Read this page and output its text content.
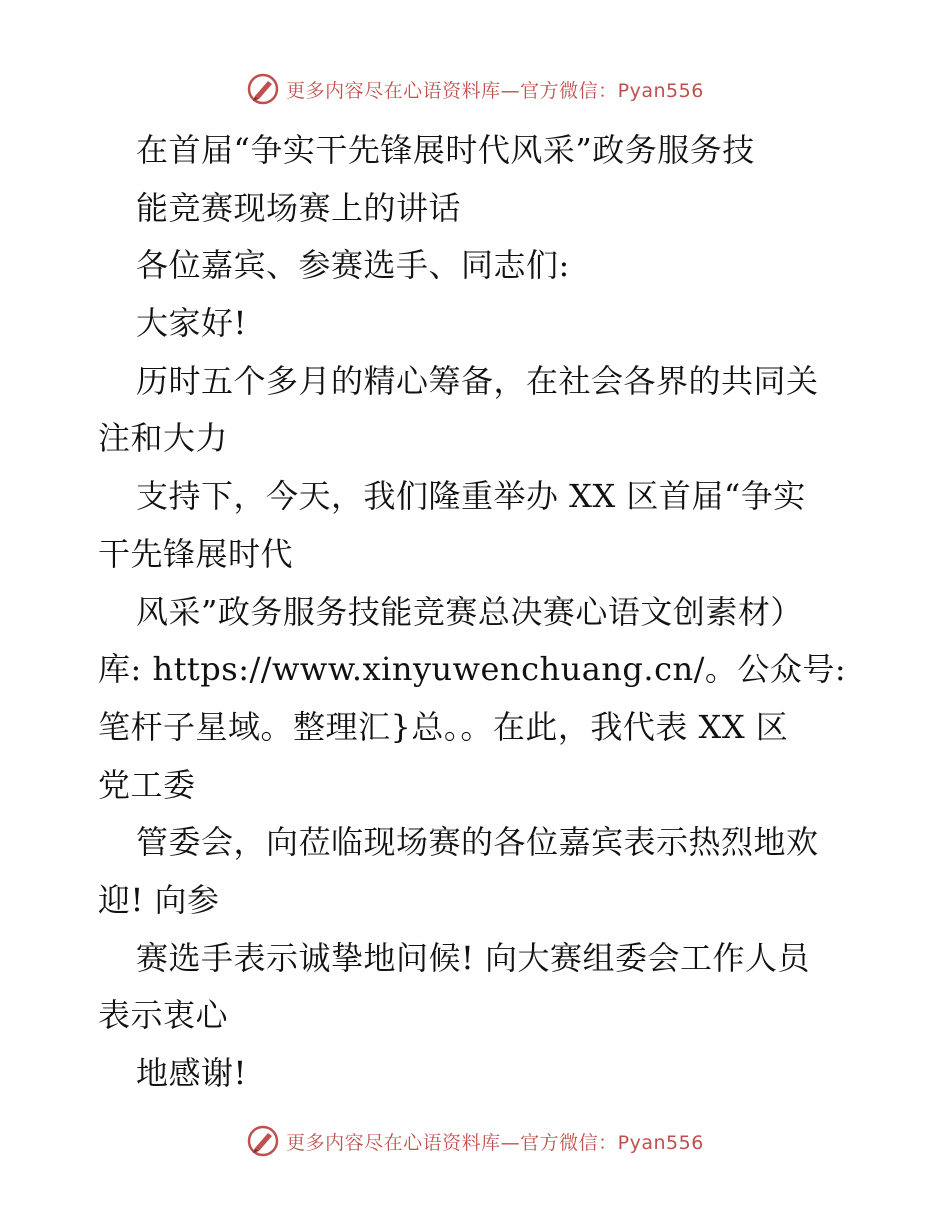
更多内容尽在心语资料库—官方微信：Pyan556
在首届“争实干先锋展时代风采”政务服务技
能竞赛现场赛上的讲话
各位嘉宾、参赛选手、同志们:
大家好!
历时五个多月的精心筹备，在社会各界的共同关
注和大力
支持下，今天，我们隆重举办 XX 区首届“争实
干先锋展时代
风采”政务服务技能竞赛总决赛心语文创素材）
库: https://www.xinyuwenchuang.cn/。公众号:
笔杆子星域。整理汇}总。。在此，我代表 XX 区
党工委
管委会，向莅临现场赛的各位嘉宾表示热烈地欢
迎! 向参
赛选手表示诚挚地问候! 向大赛组委会工作人员
表示衷心
地感谢!
更多内容尽在心语资料库—官方微信：Pyan556
